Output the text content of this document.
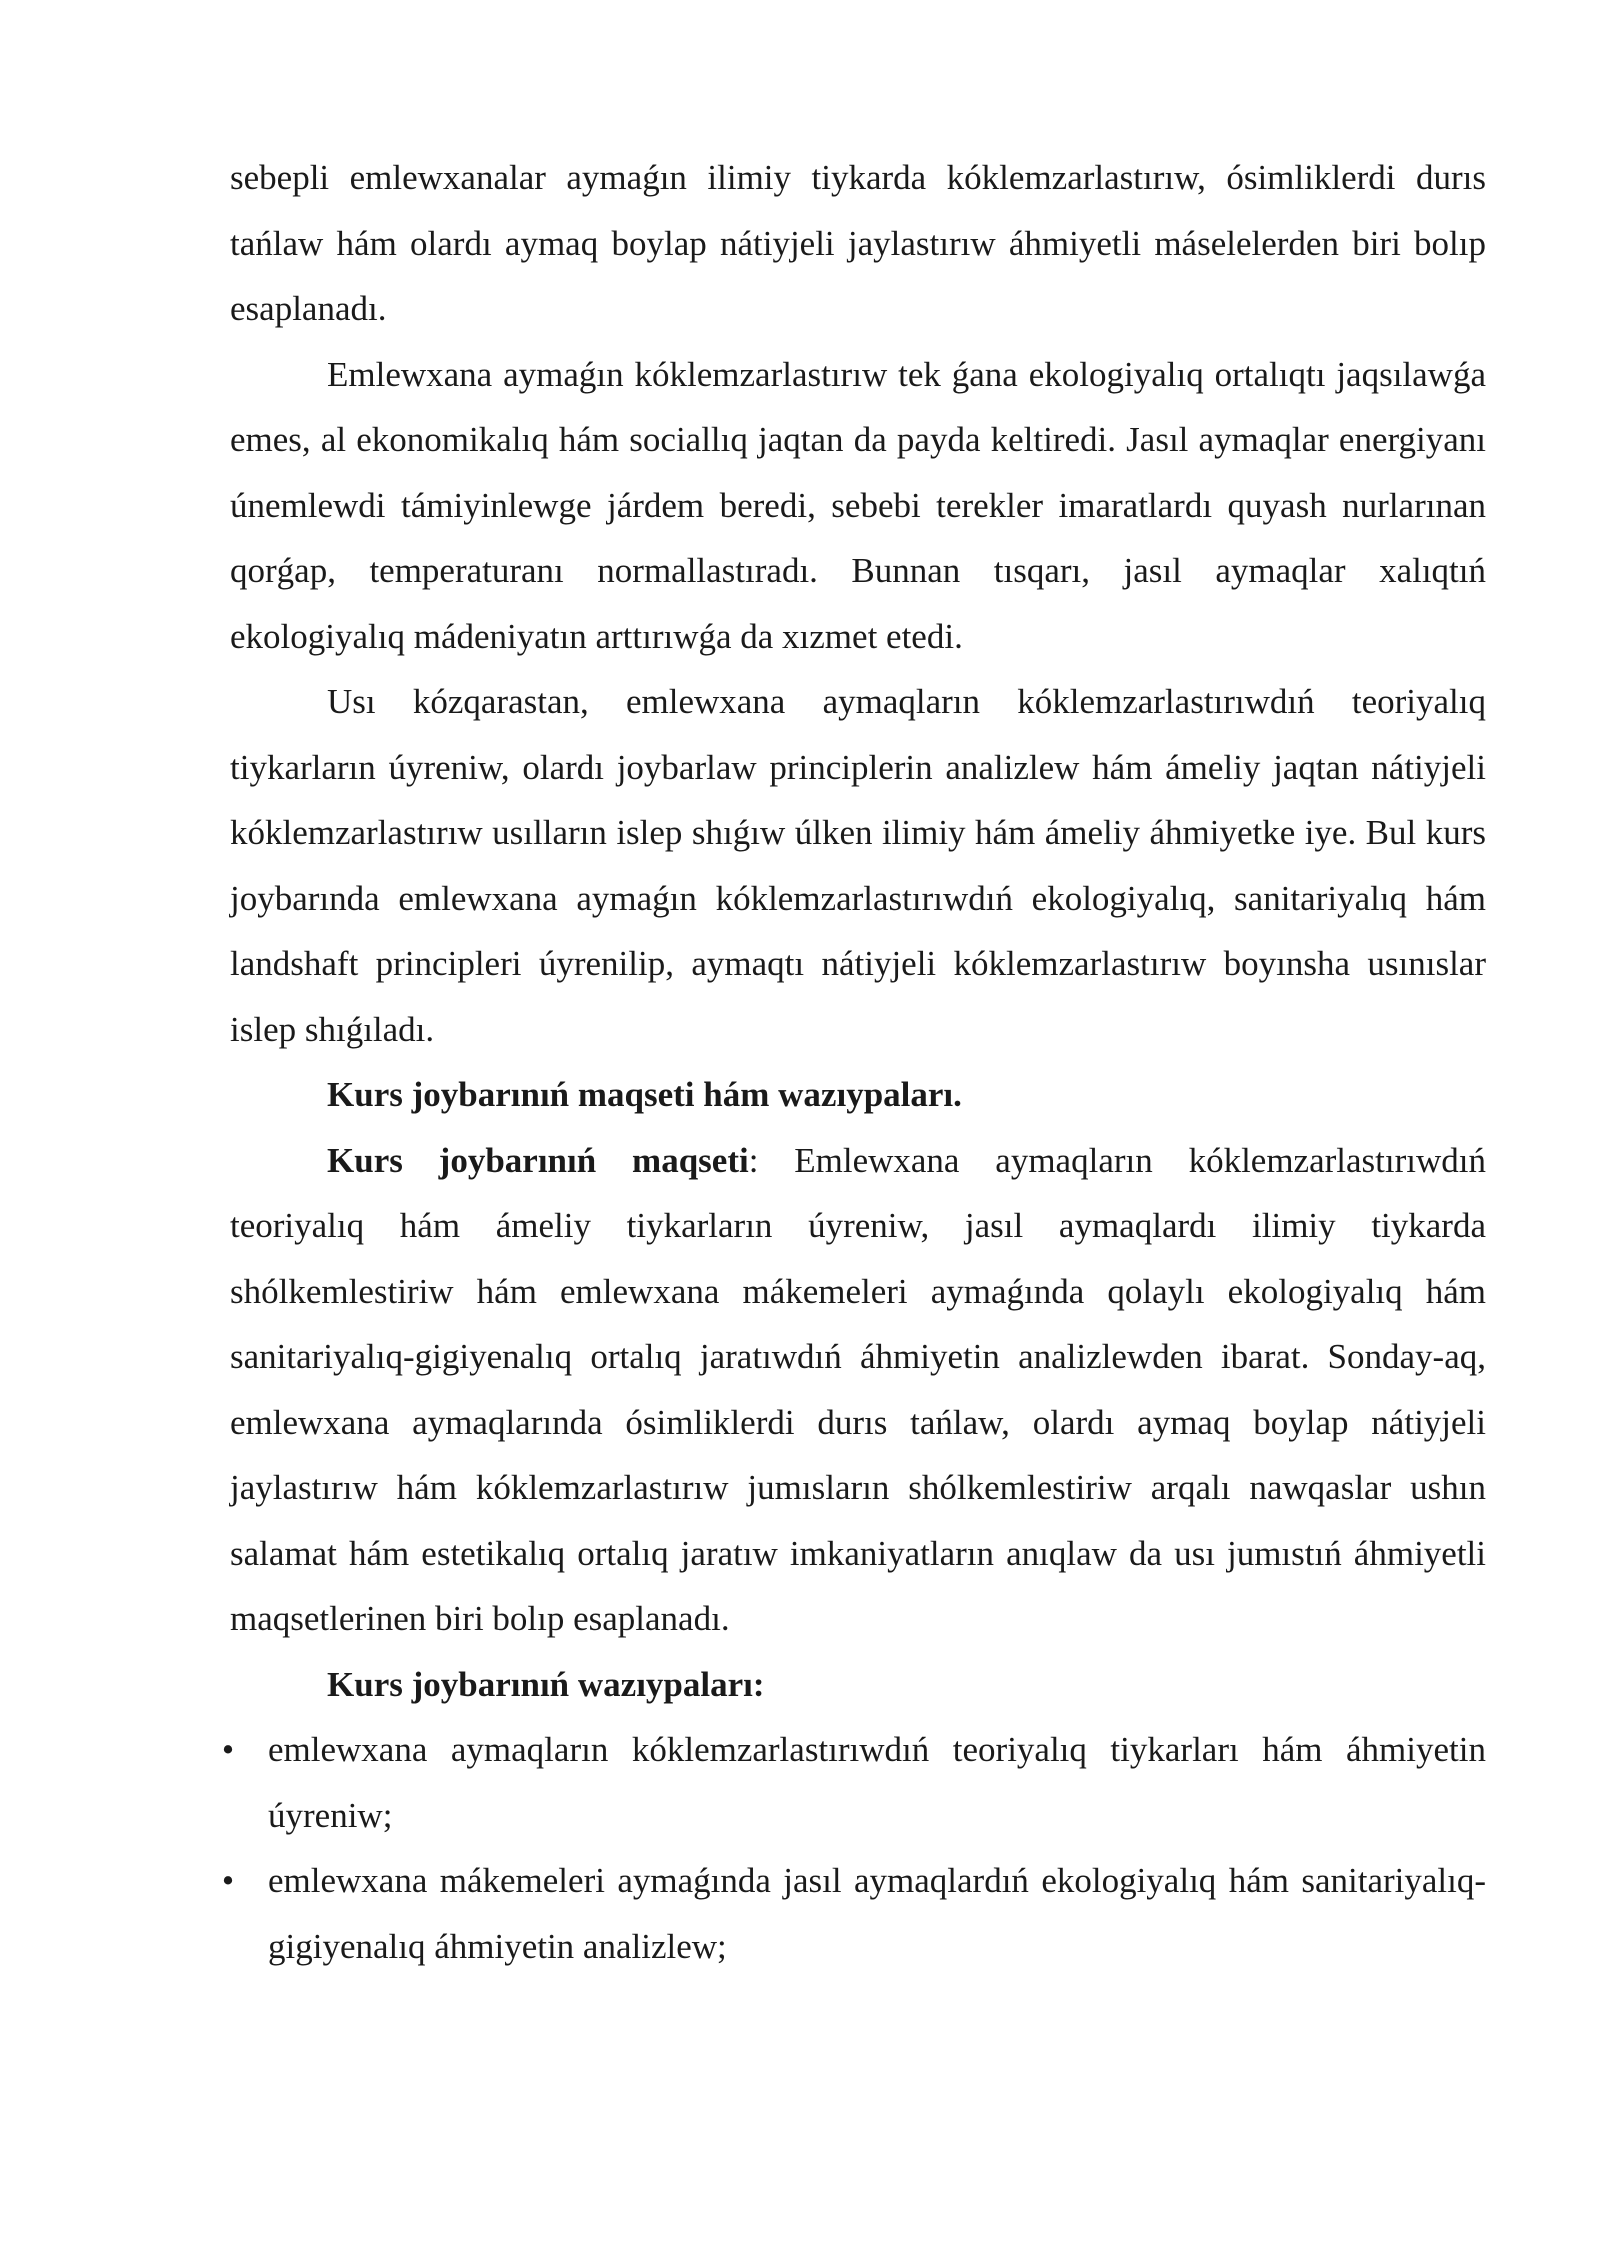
sebepli emlewxanalar aymaǵın ilimiy tiykarda kóklemzarlastırıw, ósimliklerdi durıs tańlaw hám olardı aymaq boylap nátiyjeli jaylastırıw áhmiyetli máselelerden biri bolıp esaplanadı.

Emlewxana aymaǵın kóklemzarlastırıw tek ǵana ekologiyalıq ortalıqtı jaqsılawǵa emes, al ekonomikalıq hám sociallıq jaqtan da payda keltiredi. Jasıl aymaqlar energiyanı únemlewdi támiyinlewge járdem beredi, sebebi terekler imaratlardı quyash nurlarınan qorǵap, temperaturanı normallastıradı. Bunnan tısqarı, jasıl aymaqlar xalıqtıń ekologiyalıq mádeniyatın arttırıwǵa da xızmet etedi.

Usı kózqarastan, emlewxana aymaqların kóklemzarlastırıwdıń teoriyalıq tiykarların úyreniw, olardı joybarlaw principlerin analizlew hám ámeliy jaqtan nátiyjeli kóklemzarlastırıw usılların islep shıǵıw úlken ilimiy hám ámeliy áhmiyetke iye. Bul kurs joybarında emlewxana aymaǵın kóklemzarlastırıwdıń ekologiyalıq, sanitariyalıq hám landshaft principleri úyrenilip, aymaqtı nátiyjeli kóklemzarlastırıw boyınsha usınıslar islep shıǵıladı.

Kurs joybarınıń maqseti hám wazıypaları.

Kurs joybarınıń maqseti: Emlewxana aymaqların kóklemzarlastırıwdıń teoriyalıq hám ámeliy tiykarların úyreniw, jasıl aymaqlardı ilimiy tiykarda shólkemlestiriw hám emlewxana mákemeleri aymaǵında qolaylı ekologiyalıq hám sanitariyalıq-gigiyenalıq ortalıq jaratıwdıń áhmiyetin analizlewden ibarat. Sonday-aq, emlewxana aymaqlarında ósimliklerdi durıs tańlaw, olardı aymaq boylap nátiyjeli jaylastırıw hám kóklemzarlastırıw jumısların shólkemlestiriw arqalı nawqaslar ushın salamat hám estetikalıq ortalıq jaratıw imkaniyatların anıqlaw da usı jumıstıń áhmiyetli maqsetlerinen biri bolıp esaplanadı.

Kurs joybarınıń wazıypaları:

• emlewxana aymaqların kóklemzarlastırıwdıń teoriyalıq tiykarları hám áhmiyetin úyreniw;
• emlewxana mákemeleri aymaǵında jasıl aymaqlardıń ekologiyalıq hám sanitariyalıq-gigiyenalıq áhmiyetin analizlew;
